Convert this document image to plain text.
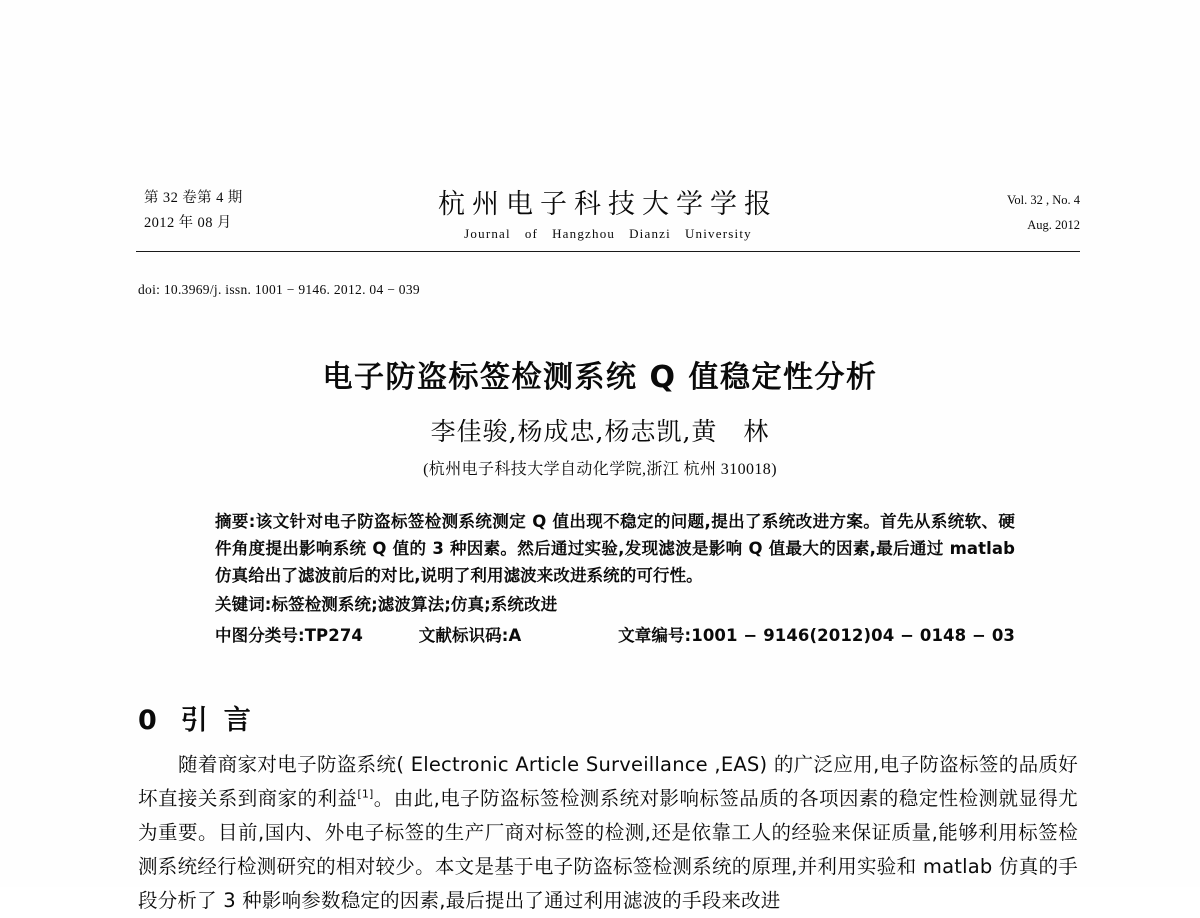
第 32 卷第 4 期
2012 年 08 月
杭州电子科技大学学报
Journal of Hangzhou Dianzi University
Vol. 32 , No. 4
Aug. 2012
doi: 10.3969/j. issn. 1001 − 9146. 2012. 04 − 039
电子防盗标签检测系统 Q 值稳定性分析
李佳骏,杨成忠,杨志凯,黄　林
(杭州电子科技大学自动化学院,浙江 杭州 310018)

摘要:该文针对电子防盗标签检测系统测定 Q 值出现不稳定的问题,提出了系统改进方案。首先从系统软、硬件角度提出影响系统 Q 值的 3 种因素。然后通过实验,发现滤波是影响 Q 值最大的因素,最后通过 matlab 仿真给出了滤波前后的对比,说明了利用滤波来改进系统的可行性。

关键词:标签检测系统;滤波算法;仿真;系统改进
中图分类号:TP274	文献标识码:A	文章编号:1001 − 9146(2012)04 − 0148 − 03
0 引 言
随着商家对电子防盗系统( Electronic Article Surveillance ,EAS) 的广泛应用,电子防盗标签的品质好坏直接关系到商家的利益[1]。由此,电子防盗标签检测系统对影响标签品质的各项因素的稳定性检测就显得尤为重要。目前,国内、外电子标签的生产厂商对标签的检测,还是依靠工人的经验来保证质量,能够利用标签检测系统经行检测研究的相对较少。本文是基于电子防盗标签检测系统的原理,并利用实验和 matlab 仿真的手段分析了 3 种影响参数稳定的因素,最后提出了通过利用滤波的手段来改进
